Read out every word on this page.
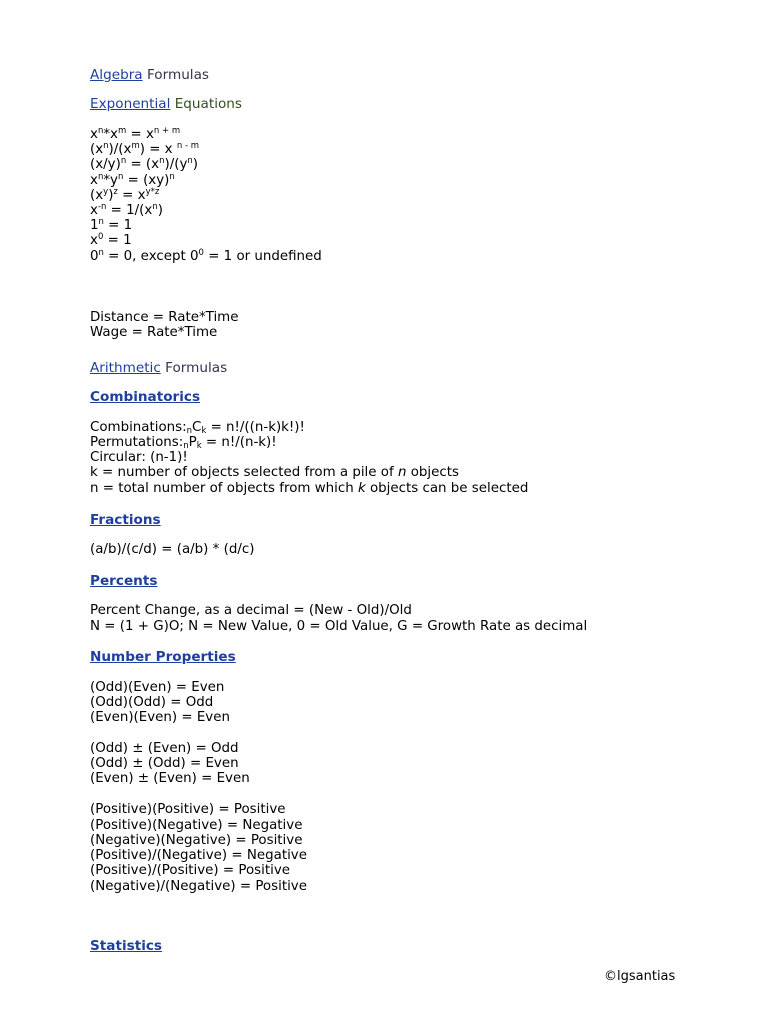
Algebra Formulas
Exponential Equations
$x^n*x^m = x^{n + m}$
$(x^n)/(x^m) = x$ $^{n - m}$
$(x/y)^n = (x^n)/(y^n)$
$x^n*y^n = (xy)^n$
$(x^y)^z = x^{y*z}$
$x^{-n} = 1/(x^n)$
$1^n = 1$
$x^0 = 1$
$0^n = 0$, except $0^0 = 1$ or undefined
Distance = Rate*Time
Wage = Rate*Time
Arithmetic Formulas
Combinatorics
$Combinations:_nC_k = n!/((n-k)k!)$!
$Permutations:_nP_k = n!/(n-k)$!
Circular: (n-1)!
k = number of objects selected from a pile of n objects
n = total number of objects from which k objects can be selected
Fractions
(a/b)/(c/d) = (a/b) * (d/c)
Percents
Percent Change, as a decimal = (New - Old)/Old
N = (1 + G)O; N = New Value, 0 = Old Value, G = Growth Rate as decimal
Number Properties
(Odd)(Even) = Even
(Odd)(Odd) = Odd
(Even)(Even) = Even
(Odd) ± (Even) = Odd
(Odd) ± (Odd) = Even
(Even) ± (Even) = Even
(Positive)(Positive) = Positive
(Positive)(Negative) = Negative
(Negative)(Negative) = Positive
(Positive)/(Negative) = Negative
(Positive)/(Positive) = Positive
(Negative)/(Negative) = Positive
Statistics
©lgsantias
